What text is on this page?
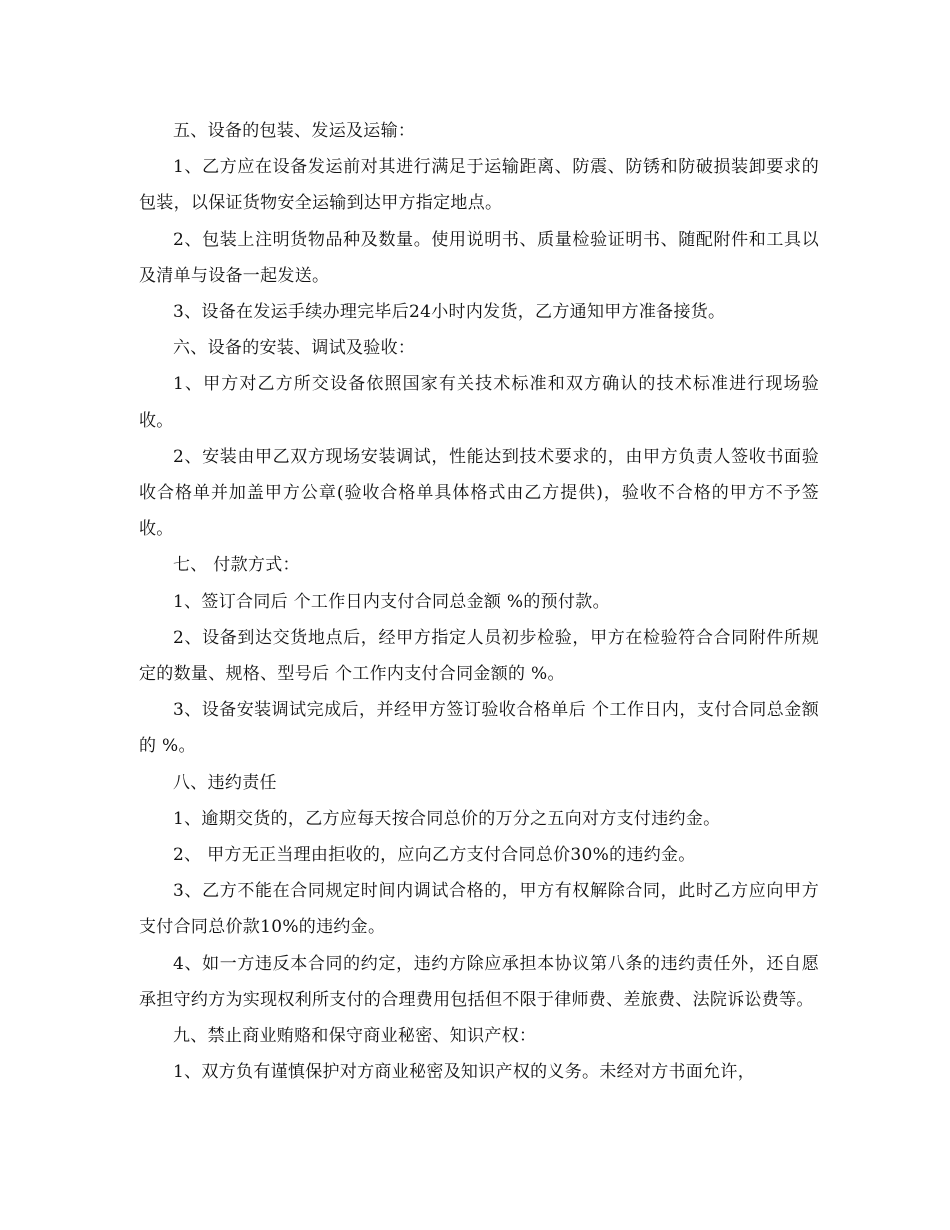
五、设备的包装、发运及运输：

1、乙方应在设备发运前对其进行满足于运输距离、防震、防锈和防破损装卸要求的包装，以保证货物安全运输到达甲方指定地点。

2、包装上注明货物品种及数量。使用说明书、质量检验证明书、随配附件和工具以及清单与设备一起发送。

3、设备在发运手续办理完毕后24小时内发货，乙方通知甲方准备接货。

六、设备的安装、调试及验收：

1、甲方对乙方所交设备依照国家有关技术标准和双方确认的技术标准进行现场验收。

2、安装由甲乙双方现场安装调试，性能达到技术要求的，由甲方负责人签收书面验收合格单并加盖甲方公章(验收合格单具体格式由乙方提供)，验收不合格的甲方不予签收。

七、 付款方式：

1、签订合同后 个工作日内支付合同总金额 %的预付款。

2、设备到达交货地点后，经甲方指定人员初步检验，甲方在检验符合合同附件所规定的数量、规格、型号后 个工作内支付合同金额的 %。

3、设备安装调试完成后，并经甲方签订验收合格单后 个工作日内，支付合同总金额的 %。

八、违约责任

1、逾期交货的，乙方应每天按合同总价的万分之五向对方支付违约金。

2、 甲方无正当理由拒收的，应向乙方支付合同总价30%的违约金。

3、乙方不能在合同规定时间内调试合格的，甲方有权解除合同，此时乙方应向甲方支付合同总价款10%的违约金。

4、如一方违反本合同的约定，违约方除应承担本协议第八条的违约责任外，还自愿承担守约方为实现权利所支付的合理费用包括但不限于律师费、差旅费、法院诉讼费等。

九、禁止商业贿赂和保守商业秘密、知识产权：

1、双方负有谨慎保护对方商业秘密及知识产权的义务。未经对方书面允许，
